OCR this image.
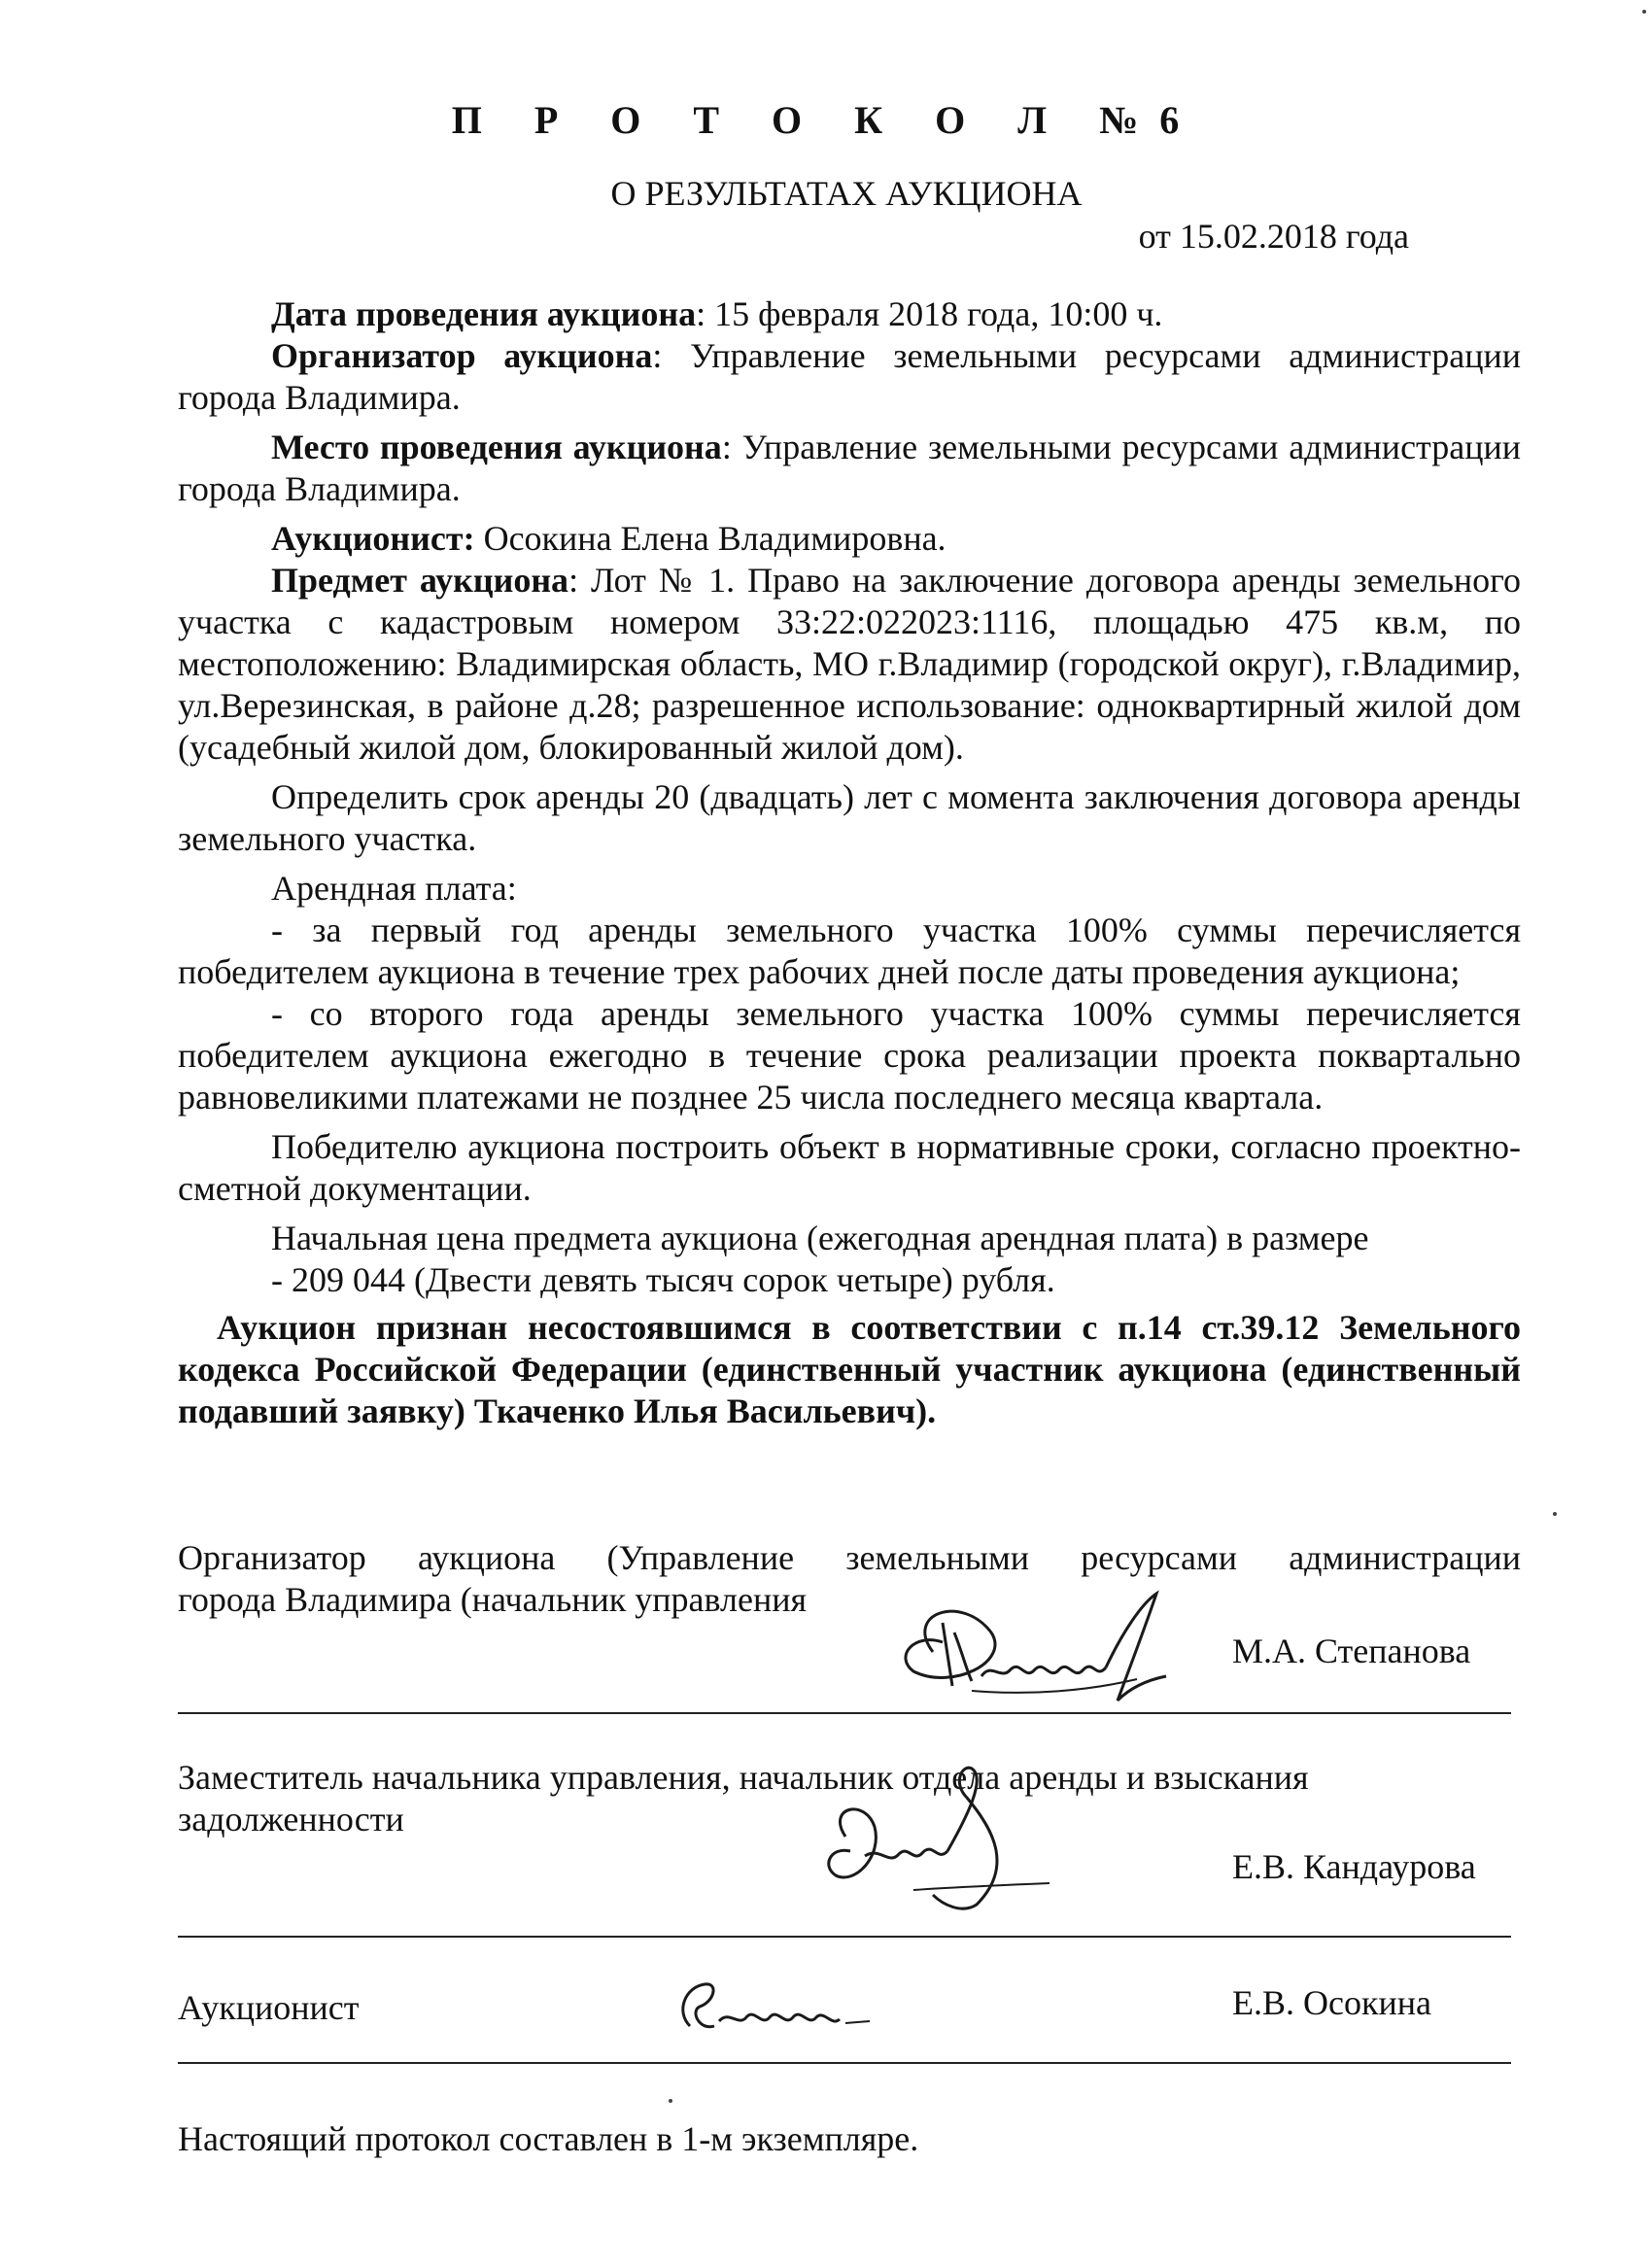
П Р О Т О К О Л №6
О РЕЗУЛЬТАТАХ АУКЦИОНА
от 15.02.2018 года

Дата проведения аукциона: 15 февраля 2018 года, 10:00 ч.

Организатор аукциона: Управление земельными ресурсами администрации города Владимира.

Место проведения аукциона: Управление земельными ресурсами администрации города Владимира.

Аукционист: Осокина Елена Владимировна.

Предмет аукциона: Лот № 1. Право на заключение договора аренды земельного участка с кадастровым номером 33:22:022023:1116, площадью 475 кв.м, по местоположению: Владимирская область, МО г.Владимир (городской округ), г.Владимир, ул.Верезинская, в районе д.28; разрешенное использование: одноквартирный жилой дом (усадебный жилой дом, блокированный жилой дом).

Определить срок аренды 20 (двадцать) лет с момента заключения договора аренды земельного участка.

Арендная плата:

- за первый год аренды земельного участка 100% суммы перечисляется победителем аукциона в течение трех рабочих дней после даты проведения аукциона;

- со второго года аренды земельного участка 100% суммы перечисляется победителем аукциона ежегодно в течение срока реализации проекта поквартально равновеликими платежами не позднее 25 числа последнего месяца квартала.

Победителю аукциона построить объект в нормативные сроки, согласно проектно-сметной документации.

Начальная цена предмета аукциона (ежегодная арендная плата) в размере

- 209 044 (Двести девять тысяч сорок четыре) рубля.

Аукцион признан несостоявшимся в соответствии с п.14 ст.39.12 Земельного кодекса Российской Федерации (единственный участник аукциона (единственный подавший заявку) Ткаченко Илья Васильевич).

Организатор аукциона (Управление земельными ресурсами администрации

города Владимира (начальник управления

М.А. Степанова

Заместитель начальника управления, начальник отдела аренды и взыскания

задолженности

Е.В. Кандаурова
Аукционист	Е.В. Осокина
Настоящий протокол составлен в 1-м экземпляре.
